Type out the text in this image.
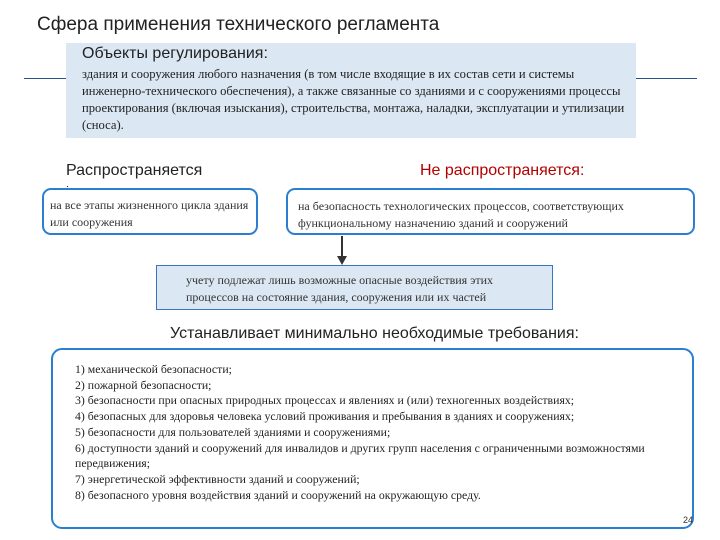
Сфера применения технического регламента
Объекты регулирования:
здания и сооружения любого назначения (в том числе входящие в их состав сети и системы инженерно-технического обеспечения), а также связанные со зданиями и с сооружениями процессы проектирования (включая изыскания), строительства, монтажа, наладки, эксплуатации и утилизации (сноса).
Распространяется	Не распространяется:
на все этапы жизненного цикла здания или сооружения
на безопасность технологических процессов, соответствующих функциональному назначению зданий и сооружений
учету подлежат лишь возможные опасные воздействия этих процессов на состояние здания, сооружения или их частей
Устанавливает минимально необходимые требования:
1) механической безопасности;
2) пожарной безопасности;
3) безопасности при опасных природных процессах и явлениях и (или) техногенных воздействиях;
4) безопасных для здоровья человека условий проживания и пребывания в зданиях и сооружениях;
5) безопасности для пользователей зданиями и сооружениями;
6) доступности зданий и сооружений для инвалидов и других групп населения с ограниченными возможностями передвижения;
7) энергетической эффективности зданий и сооружений;
8) безопасного уровня воздействия зданий и сооружений на окружающую среду.
24
